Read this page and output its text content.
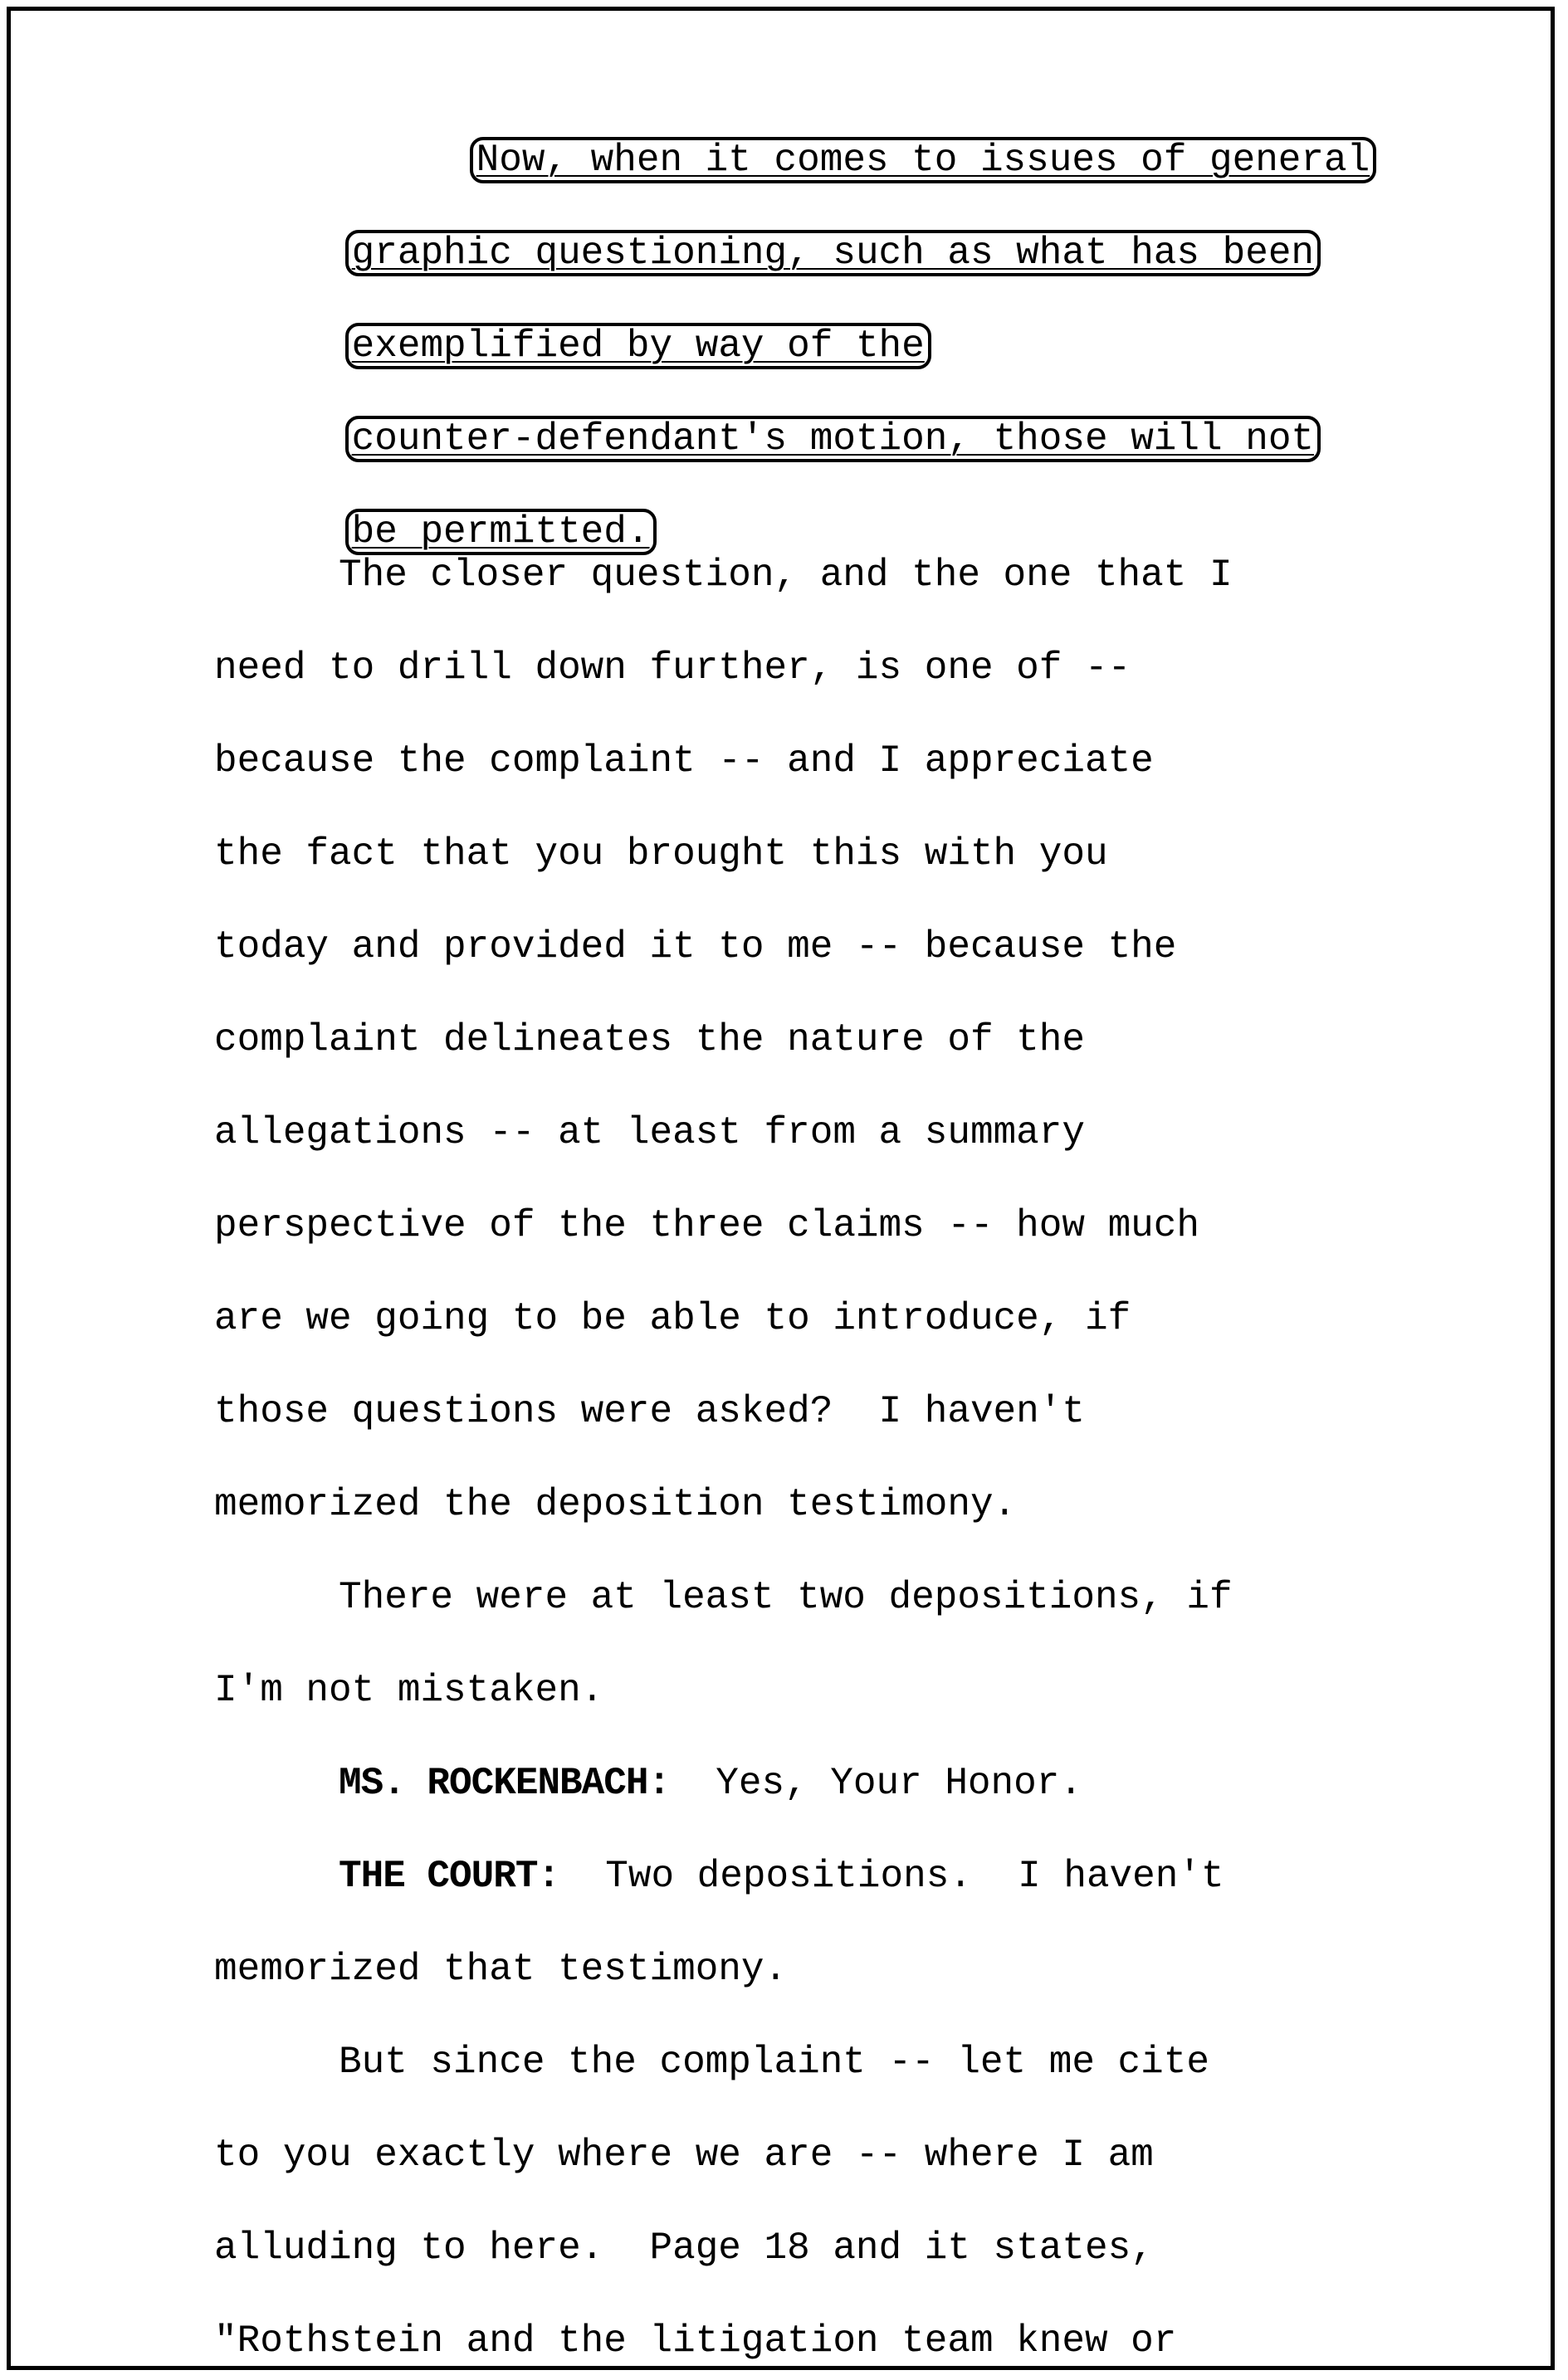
Now, when it comes to issues of general

graphic questioning, such as what has been

exemplified by way of the

counter-defendant's motion, those will not

be permitted.

The closer question, and the one that I
need to drill down further, is one of --
because the complaint -- and I appreciate
the fact that you brought this with you
today and provided it to me -- because the
complaint delineates the nature of the
allegations -- at least from a summary
perspective of the three claims -- how much
are we going to be able to introduce, if
those questions were asked?  I haven't
memorized the deposition testimony.
There were at least two depositions, if
I'm not mistaken.
MS. ROCKENBACH:  Yes, Your Honor.
THE COURT:  Two depositions.  I haven't
memorized that testimony.
But since the complaint -- let me cite
to you exactly where we are -- where I am
alluding to here.  Page 18 and it states,
"Rothstein and the litigation team knew or
